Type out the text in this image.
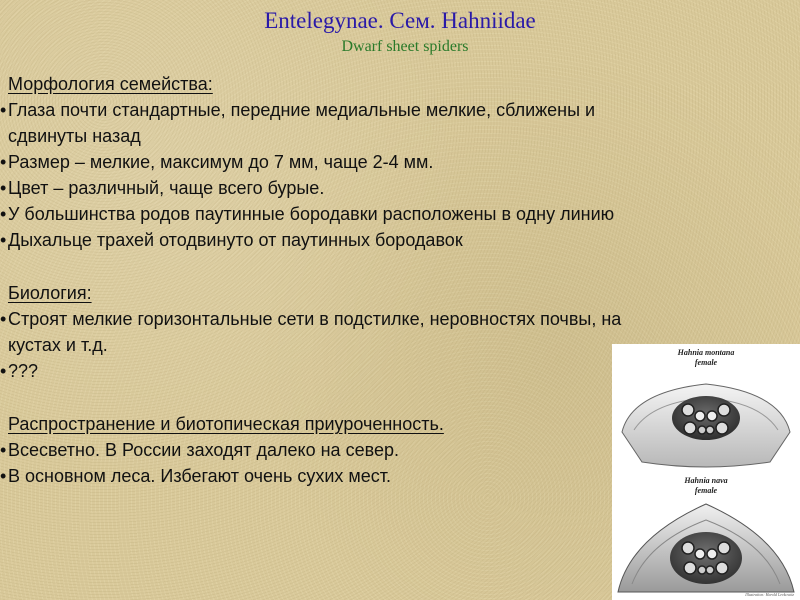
Entelegynae. Сем. Hahniidae
Dwarf sheet spiders
Морфология семейства:
• Глаза почти стандартные, передние медиальные мелкие, сближены и
сдвинуты назад
• Размер – мелкие, максимум до 7 мм, чаще 2-4 мм.
• Цвет – различный, чаще всего бурые.
• У большинства родов паутинные бородавки расположены в одну линию
• Дыхальце трахей отодвинуто от паутинных бородавок
Биология:
• Строят мелкие горизонтальные сети в подстилке, неровностях почвы, на
кустах и т.д.
• ???
Распространение и биотопическая приуроченность.
• Всесветно. В России заходят далеко на север.
• В основном леса. Избегают очень сухих мест.
Hahnia montana
female
Hahnia nava
female
Illustration: Harold Levkowitz
